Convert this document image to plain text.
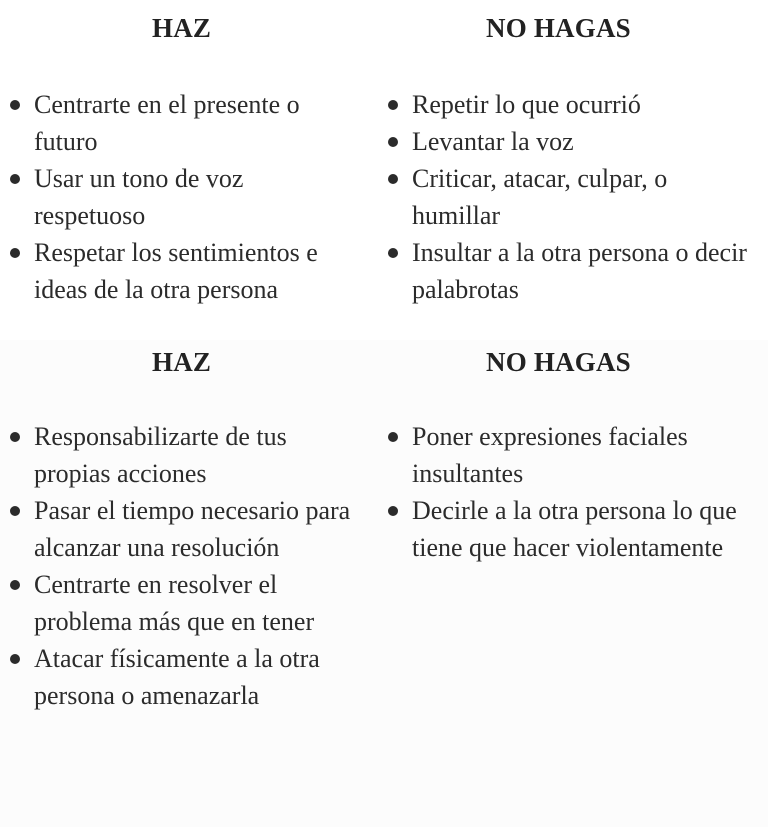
HAZ	NO HAGAS
Centrarte en el presente o futuro
Usar un tono de voz respetuoso
Respetar los sentimientos e ideas de la otra persona
Repetir lo que ocurrió
Levantar la voz
Criticar, atacar, culpar, o humillar
Insultar a la otra persona o decir palabrotas
HAZ	NO HAGAS
Responsabilizarte de tus propias acciones
Pasar el tiempo necesario para alcanzar una resolución
Centrarte en resolver el problema más que en tener
Atacar físicamente a la otra persona o amenazarla
Poner expresiones faciales insultantes
Decirle a la otra persona lo que tiene que hacer violentamente
